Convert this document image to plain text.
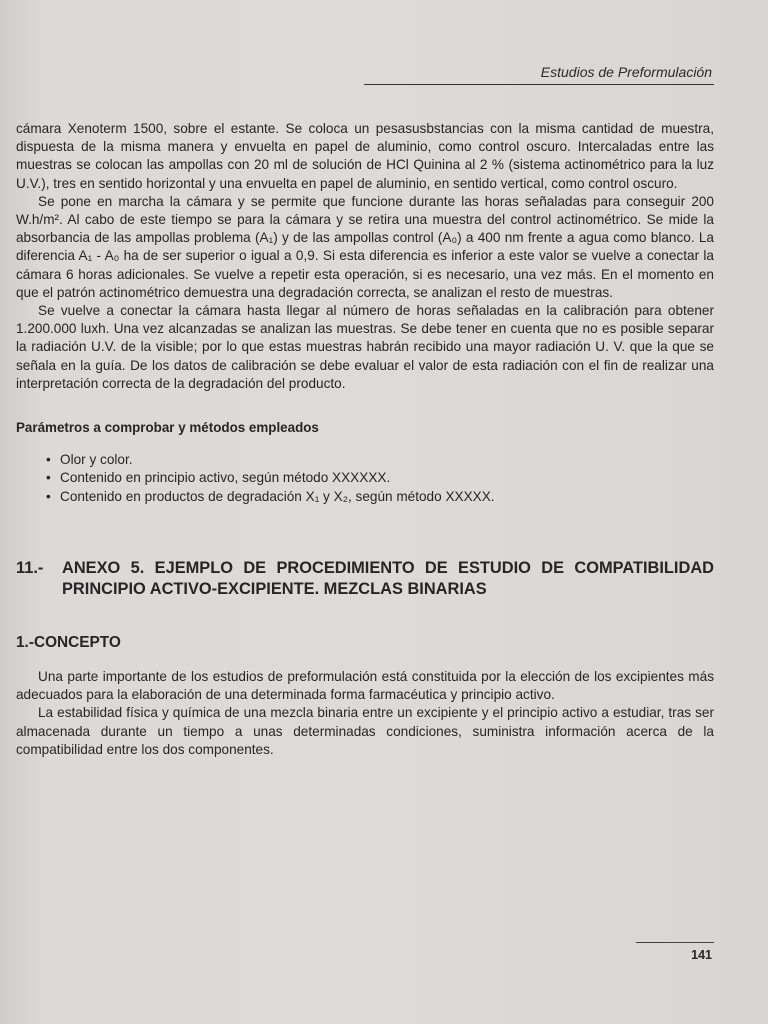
Estudios de Preformulación

cámara Xenoterm 1500, sobre el estante. Se coloca un pesasusbstancias con la misma cantidad de muestra, dispuesta de la misma manera y envuelta en papel de aluminio, como control oscuro. Intercaladas entre las muestras se colocan las ampollas con 20 ml de solución de HCl Quinina al 2 % (sistema actinométrico para la luz U.V.), tres en sentido horizontal y una envuelta en papel de aluminio, en sentido vertical, como control oscuro.

Se pone en marcha la cámara y se permite que funcione durante las horas señaladas para conseguir 200 W.h/m². Al cabo de este tiempo se para la cámara y se retira una muestra del control actinométrico. Se mide la absorbancia de las ampollas problema (A₁) y de las ampollas control (A₀) a 400 nm frente a agua como blanco. La diferencia A₁ - A₀ ha de ser superior o igual a 0,9. Si esta diferencia es inferior a este valor se vuelve a conectar la cámara 6 horas adicionales. Se vuelve a repetir esta operación, si es necesario, una vez más. En el momento en que el patrón actinométrico demuestra una degradación correcta, se analizan el resto de muestras.

Se vuelve a conectar la cámara hasta llegar al número de horas señaladas en la calibración para obtener 1.200.000 luxh. Una vez alcanzadas se analizan las muestras. Se debe tener en cuenta que no es posible separar la radiación U.V. de la visible; por lo que estas muestras habrán recibido una mayor radiación U. V. que la que se señala en la guía. De los datos de calibración se debe evaluar el valor de esta radiación con el fin de realizar una interpretación correcta de la degradación del producto.

Parámetros a comprobar y métodos empleados
• Olor y color.
• Contenido en principio activo, según método XXXXXX.
• Contenido en productos de degradación X₁ y X₂, según método XXXXX.
11.-	ANEXO 5. EJEMPLO DE PROCEDIMIENTO DE ESTUDIO DE COMPATIBILIDAD PRINCIPIO ACTIVO-EXCIPIENTE. MEZCLAS BINARIAS
1.-CONCEPTO

Una parte importante de los estudios de preformulación está constituida por la elección de los excipientes más adecuados para la elaboración de una determinada forma farmacéutica y principio activo.

La estabilidad física y química de una mezcla binaria entre un excipiente y el principio activo a estudiar, tras ser almacenada durante un tiempo a unas determinadas condiciones, suministra información acerca de la compatibilidad entre los dos componentes.

141
